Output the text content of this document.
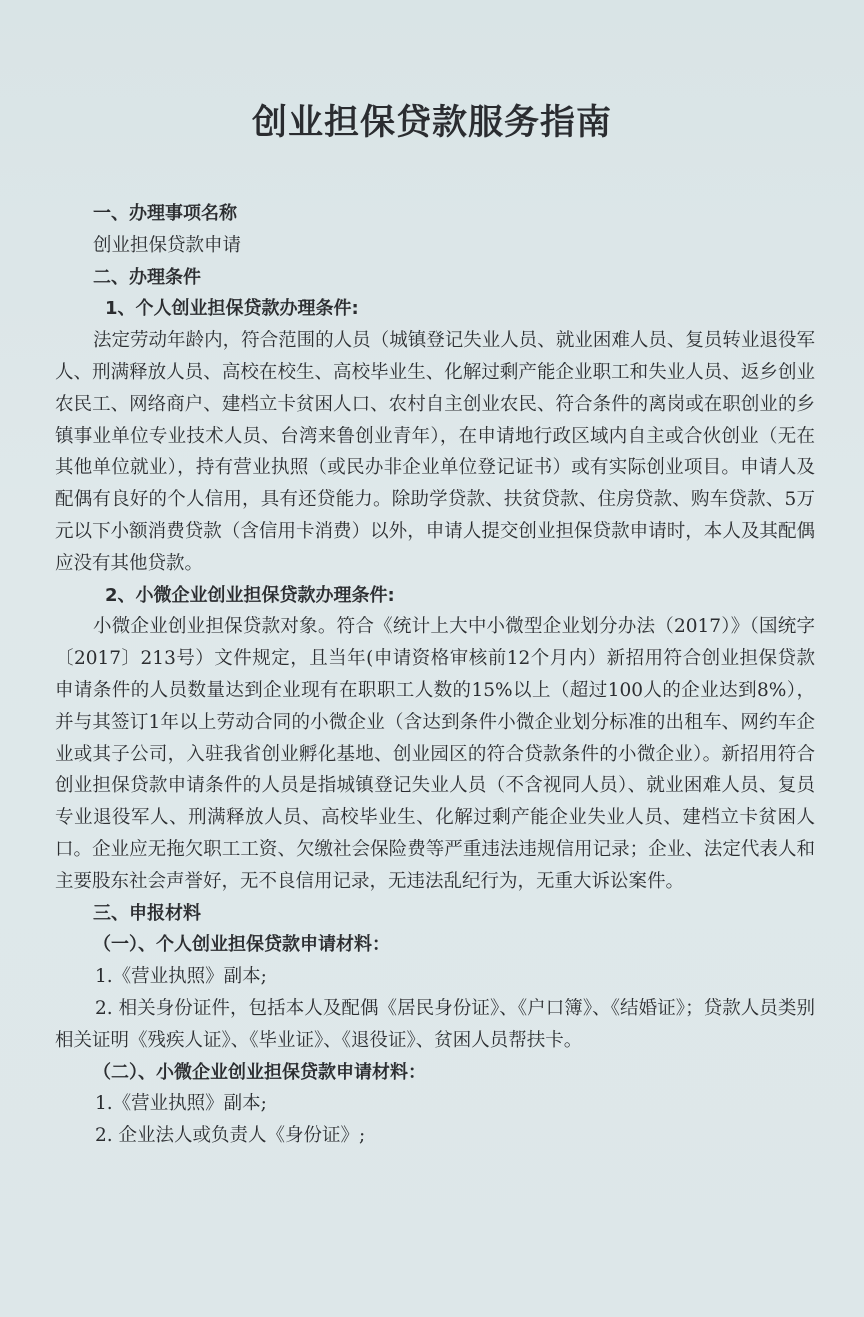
创业担保贷款服务指南

一、办理事项名称

创业担保贷款申请

二、办理条件

1、个人创业担保贷款办理条件:

法定劳动年龄内，符合范围的人员（城镇登记失业人员、就业困难人员、复员转业退役军人、刑满释放人员、高校在校生、高校毕业生、化解过剩产能企业职工和失业人员、返乡创业农民工、网络商户、建档立卡贫困人口、农村自主创业农民、符合条件的离岗或在职创业的乡镇事业单位专业技术人员、台湾来鲁创业青年），在申请地行政区域内自主或合伙创业（无在其他单位就业），持有营业执照（或民办非企业单位登记证书）或有实际创业项目。申请人及配偶有良好的个人信用，具有还贷能力。除助学贷款、扶贫贷款、住房贷款、购车贷款、5万元以下小额消费贷款（含信用卡消费）以外，申请人提交创业担保贷款申请时，本人及其配偶应没有其他贷款。

2、小微企业创业担保贷款办理条件:

小微企业创业担保贷款对象。符合《统计上大中小微型企业划分办法（2017）》（国统字〔2017〕213号）文件规定，且当年(申请资格审核前12个月内）新招用符合创业担保贷款申请条件的人员数量达到企业现有在职职工人数的15%以上（超过100人的企业达到8%），并与其签订1年以上劳动合同的小微企业（含达到条件小微企业划分标准的出租车、网约车企业或其子公司，入驻我省创业孵化基地、创业园区的符合贷款条件的小微企业）。新招用符合创业担保贷款申请条件的人员是指城镇登记失业人员（不含视同人员）、就业困难人员、复员专业退役军人、刑满释放人员、高校毕业生、化解过剩产能企业失业人员、建档立卡贫困人口。企业应无拖欠职工工资、欠缴社会保险费等严重违法违规信用记录；企业、法定代表人和主要股东社会声誉好，无不良信用记录，无违法乱纪行为，无重大诉讼案件。

三、申报材料

（一）、个人创业担保贷款申请材料：

1.《营业执照》副本;

2. 相关身份证件，包括本人及配偶《居民身份证》、《户口簿》、《结婚证》；贷款人员类别相关证明《残疾人证》、《毕业证》、《退役证》、贫困人员帮扶卡。

（二）、小微企业创业担保贷款申请材料：

1.《营业执照》副本;

2. 企业法人或负责人《身份证》;
